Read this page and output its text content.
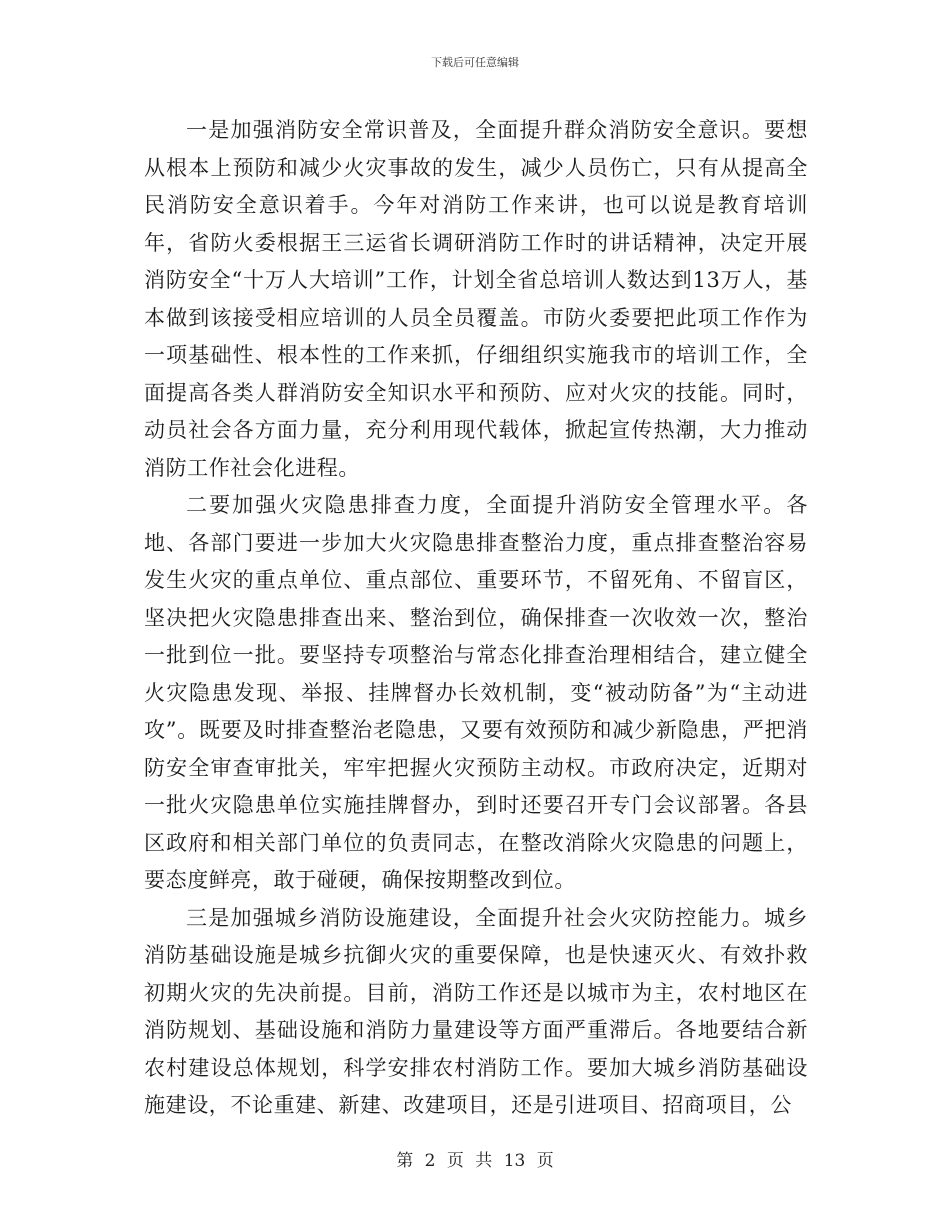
下载后可任意编辑

一是加强消防安全常识普及，全面提升群众消防安全意识。要想从根本上预防和减少火灾事故的发生，减少人员伤亡，只有从提高全民消防安全意识着手。今年对消防工作来讲，也可以说是教育培训年，省防火委根据王三运省长调研消防工作时的讲话精神，决定开展消防安全“十万人大培训”工作，计划全省总培训人数达到13万人，基本做到该接受相应培训的人员全员覆盖。市防火委要把此项工作作为一项基础性、根本性的工作来抓，仔细组织实施我市的培训工作，全面提高各类人群消防安全知识水平和预防、应对火灾的技能。同时，动员社会各方面力量，充分利用现代载体，掀起宣传热潮，大力推动消防工作社会化进程。

二要加强火灾隐患排查力度，全面提升消防安全管理水平。各地、各部门要进一步加大火灾隐患排查整治力度，重点排查整治容易发生火灾的重点单位、重点部位、重要环节，不留死角、不留盲区，坚决把火灾隐患排查出来、整治到位，确保排查一次收效一次，整治一批到位一批。要坚持专项整治与常态化排查治理相结合，建立健全火灾隐患发现、举报、挂牌督办长效机制，变“被动防备”为“主动进攻”。既要及时排查整治老隐患，又要有效预防和减少新隐患，严把消防安全审查审批关，牢牢把握火灾预防主动权。市政府决定，近期对一批火灾隐患单位实施挂牌督办，到时还要召开专门会议部署。各县区政府和相关部门单位的负责同志，在整改消除火灾隐患的问题上，要态度鲜亮，敢于碰硬，确保按期整改到位。

三是加强城乡消防设施建设，全面提升社会火灾防控能力。城乡消防基础设施是城乡抗御火灾的重要保障，也是快速灭火、有效扑救初期火灾的先决前提。目前，消防工作还是以城市为主，农村地区在消防规划、基础设施和消防力量建设等方面严重滞后。各地要结合新农村建设总体规划，科学安排农村消防工作。要加大城乡消防基础设施建设，不论重建、新建、改建项目，还是引进项目、招商项目，公

第 2 页 共 13 页
